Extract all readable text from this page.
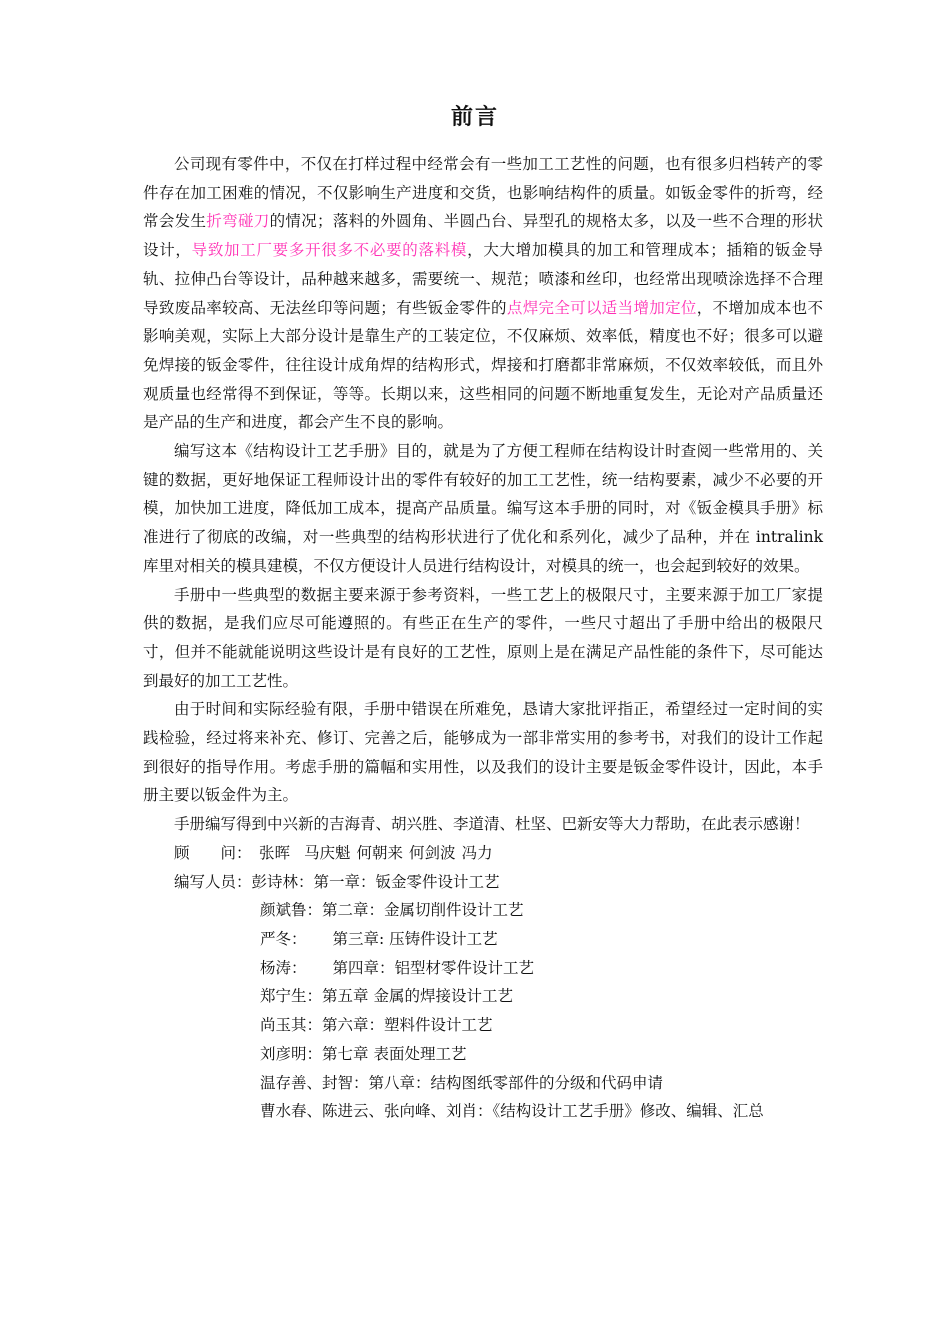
前言

公司现有零件中，不仅在打样过程中经常会有一些加工工艺性的问题，也有很多归档转产的零件存在加工困难的情况，不仅影响生产进度和交货，也影响结构件的质量。如钣金零件的折弯，经常会发生折弯碰刀的情况；落料的外圆角、半圆凸台、异型孔的规格太多，以及一些不合理的形状设计，导致加工厂要多开很多不必要的落料模，大大增加模具的加工和管理成本；插箱的钣金导轨、拉伸凸台等设计，品种越来越多，需要统一、规范；喷漆和丝印，也经常出现喷涂选择不合理导致废品率较高、无法丝印等问题；有些钣金零件的点焊完全可以适当增加定位，不增加成本也不影响美观，实际上大部分设计是靠生产的工装定位，不仅麻烦、效率低，精度也不好；很多可以避免焊接的钣金零件，往往设计成角焊的结构形式，焊接和打磨都非常麻烦，不仅效率较低，而且外观质量也经常得不到保证，等等。长期以来，这些相同的问题不断地重复发生，无论对产品质量还是产品的生产和进度，都会产生不良的影响。

编写这本《结构设计工艺手册》目的，就是为了方便工程师在结构设计时查阅一些常用的、关键的数据，更好地保证工程师设计出的零件有较好的加工工艺性，统一结构要素，减少不必要的开模，加快加工进度，降低加工成本，提高产品质量。编写这本手册的同时，对《钣金模具手册》标准进行了彻底的改编，对一些典型的结构形状进行了优化和系列化，减少了品种，并在 intralink 库里对相关的模具建模，不仅方便设计人员进行结构设计，对模具的统一，也会起到较好的效果。

手册中一些典型的数据主要来源于参考资料，一些工艺上的极限尺寸，主要来源于加工厂家提供的数据，是我们应尽可能遵照的。有些正在生产的零件，一些尺寸超出了手册中给出的极限尺寸，但并不能就能说明这些设计是有良好的工艺性，原则上是在满足产品性能的条件下，尽可能达到最好的加工工艺性。

由于时间和实际经验有限，手册中错误在所难免，恳请大家批评指正，希望经过一定时间的实践检验，经过将来补充、修订、完善之后，能够成为一部非常实用的参考书，对我们的设计工作起到很好的指导作用。考虑手册的篇幅和实用性，以及我们的设计主要是钣金零件设计，因此，本手册主要以钣金件为主。

手册编写得到中兴新的吉海青、胡兴胜、李道清、杜坚、巴新安等大力帮助，在此表示感谢！

顾　　问： 张晖 马庆魁 何朝来 何剑波 冯力

编写人员：彭诗林：第一章：钣金零件设计工艺

颜斌鲁：第二章：金属切削件设计工艺

严冬： 第三章: 压铸件设计工艺

杨涛： 第四章：铝型材零件设计工艺

郑宁生：第五章 金属的焊接设计工艺

尚玉其：第六章：塑料件设计工艺

刘彦明：第七章 表面处理工艺

温存善、封智：第八章：结构图纸零部件的分级和代码申请

曹水春、陈进云、张向峰、刘肖：《结构设计工艺手册》修改、编辑、汇总
